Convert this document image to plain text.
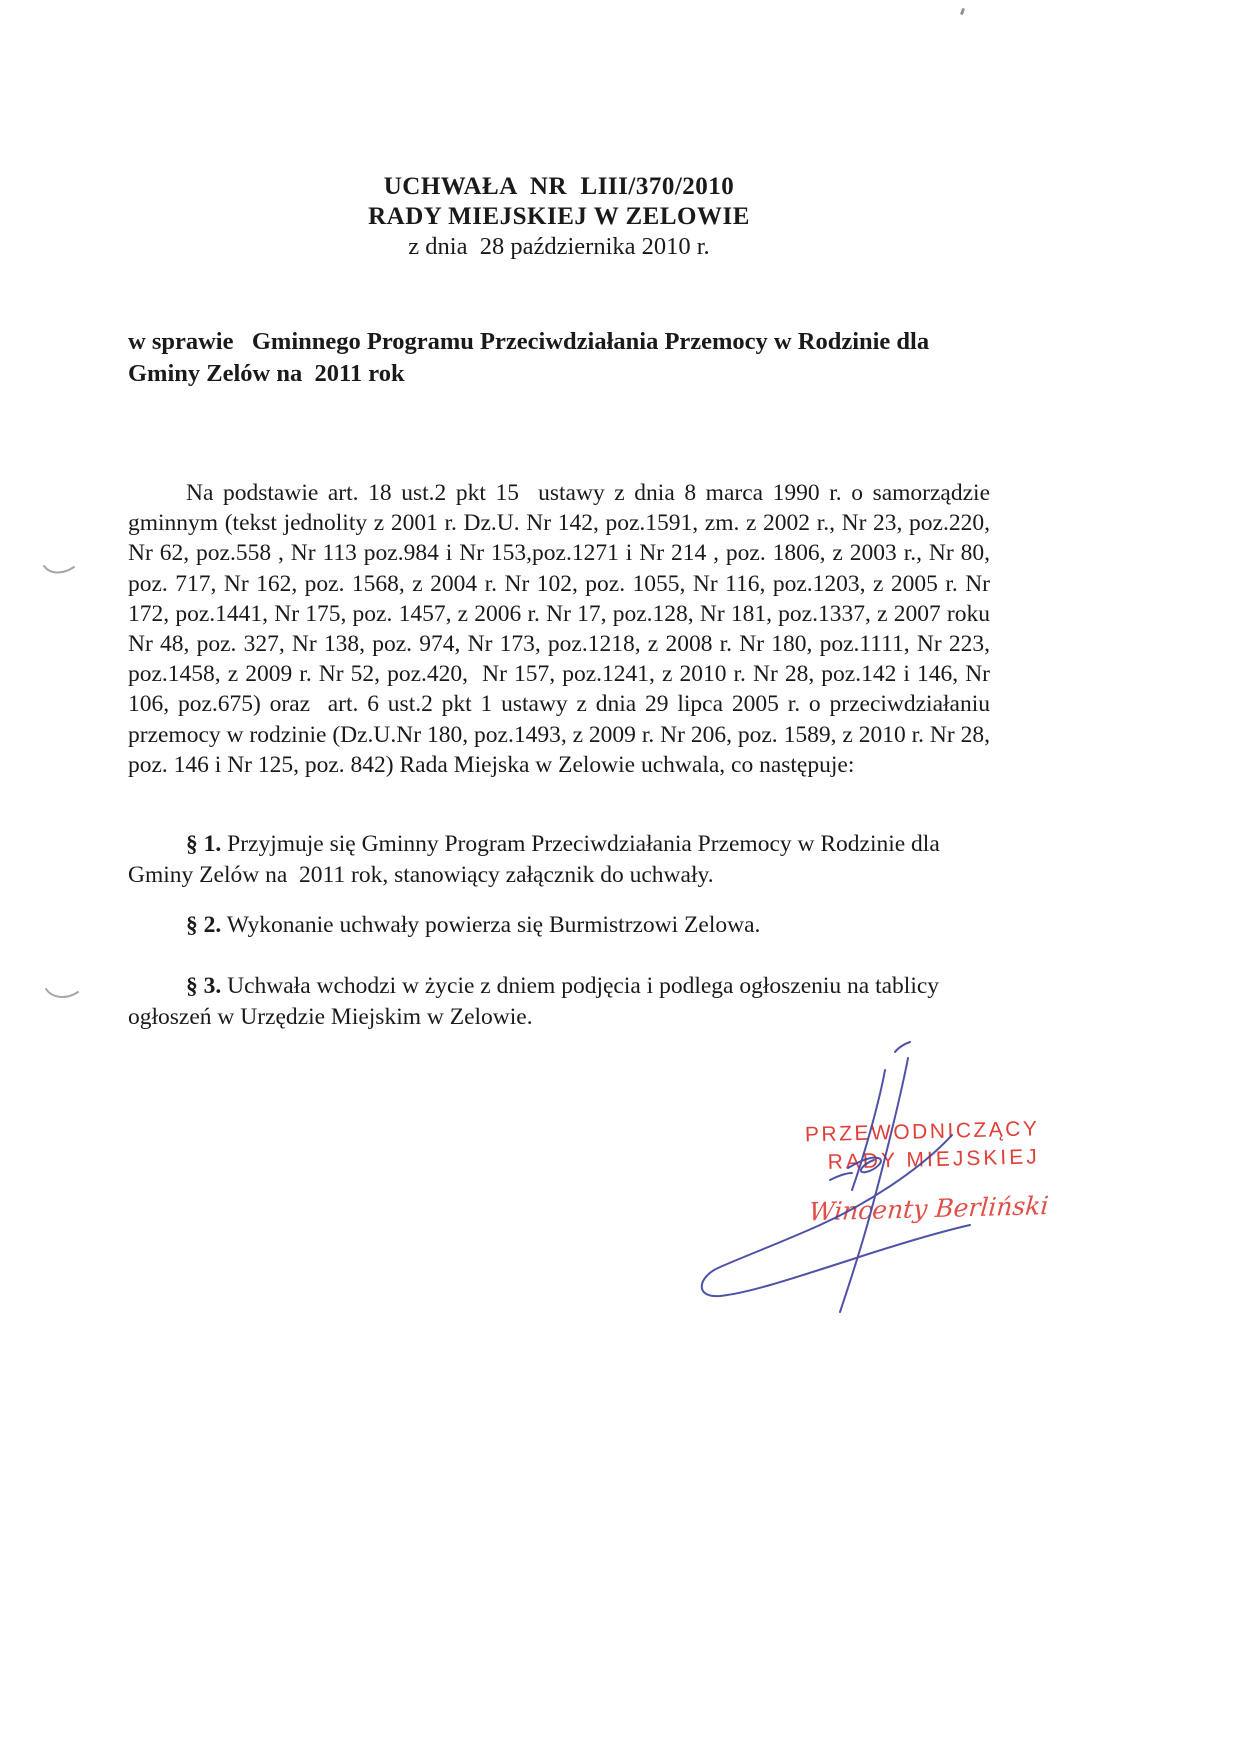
UCHWAŁA  NR  LIII/370/2010
RADY MIEJSKIEJ W ZELOWIE
z dnia  28 października 2010 r.
w sprawie   Gminnego Programu Przeciwdziałania Przemocy w Rodzinie dla Gminy Zelów na  2011 rok
Na podstawie art. 18 ust.2 pkt 15  ustawy z dnia 8 marca 1990 r. o samorządzie gminnym (tekst jednolity z 2001 r. Dz.U. Nr 142, poz.1591, zm. z 2002 r., Nr 23, poz.220, Nr 62, poz.558 , Nr 113 poz.984 i Nr 153,poz.1271 i Nr 214 , poz. 1806, z 2003 r., Nr 80, poz. 717, Nr 162, poz. 1568, z 2004 r. Nr 102, poz. 1055, Nr 116, poz.1203, z 2005 r. Nr 172, poz.1441, Nr 175, poz. 1457, z 2006 r. Nr 17, poz.128, Nr 181, poz.1337, z 2007 roku Nr 48, poz. 327, Nr 138, poz. 974, Nr 173, poz.1218, z 2008 r. Nr 180, poz.1111, Nr 223, poz.1458, z 2009 r. Nr 52, poz.420,  Nr 157, poz.1241, z 2010 r. Nr 28, poz.142 i 146, Nr 106, poz.675) oraz  art. 6 ust.2 pkt 1 ustawy z dnia 29 lipca 2005 r. o przeciwdziałaniu przemocy w rodzinie (Dz.U.Nr 180, poz.1493, z 2009 r. Nr 206, poz. 1589, z 2010 r. Nr 28, poz. 146 i Nr 125, poz. 842) Rada Miejska w Zelowie uchwala, co następuje:

§ 1. Przyjmuje się Gminny Program Przeciwdziałania Przemocy w Rodzinie dla Gminy Zelów na  2011 rok, stanowiący załącznik do uchwały.

§ 2. Wykonanie uchwały powierza się Burmistrzowi Zelowa.

§ 3. Uchwała wchodzi w życie z dniem podjęcia i podlega ogłoszeniu na tablicy ogłoszeń w Urzędzie Miejskim w Zelowie.

PRZEWODNICZĄCY
RADY MIEJSKIEJ
Wincenty Berliński
